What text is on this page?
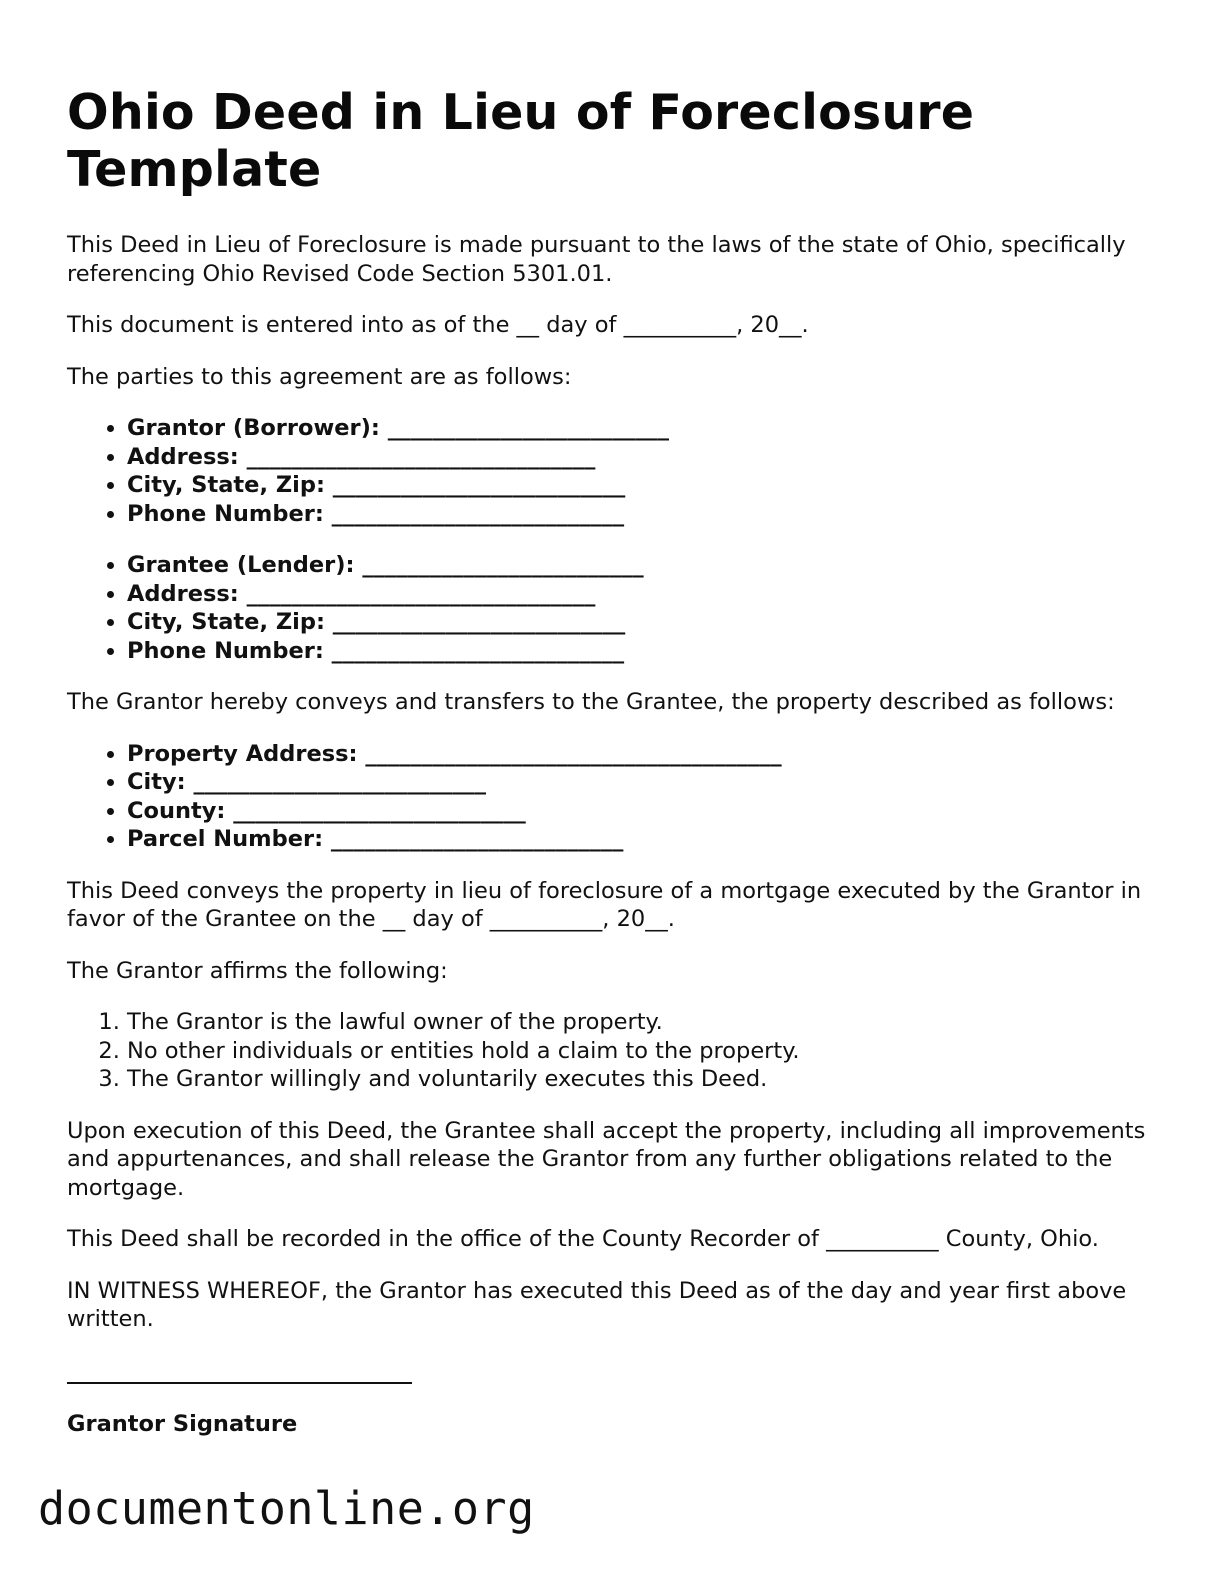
Ohio Deed in Lieu of Foreclosure Template

This Deed in Lieu of Foreclosure is made pursuant to the laws of the state of Ohio, specifically referencing Ohio Revised Code Section 5301.01.

This document is entered into as of the __ day of __________, 20__.

The parties to this agreement are as follows:

• Grantor (Borrower): _________________________
• Address: _______________________________
• City, State, Zip: __________________________
• Phone Number: __________________________
• Grantee (Lender): _________________________
• Address: _______________________________
• City, State, Zip: __________________________
• Phone Number: __________________________

The Grantor hereby conveys and transfers to the Grantee, the property described as follows:

• Property Address: _____________________________________
• City: __________________________
• County: __________________________
• Parcel Number: __________________________

This Deed conveys the property in lieu of foreclosure of a mortgage executed by the Grantor in favor of the Grantee on the __ day of __________, 20__.

The Grantor affirms the following:

1. The Grantor is the lawful owner of the property.
2. No other individuals or entities hold a claim to the property.
3. The Grantor willingly and voluntarily executes this Deed.

Upon execution of this Deed, the Grantee shall accept the property, including all improvements and appurtenances, and shall release the Grantor from any further obligations related to the mortgage.

This Deed shall be recorded in the office of the County Recorder of __________ County, Ohio.

IN WITNESS WHEREOF, the Grantor has executed this Deed as of the day and year first above written.

Grantor Signature
documentonline.org
